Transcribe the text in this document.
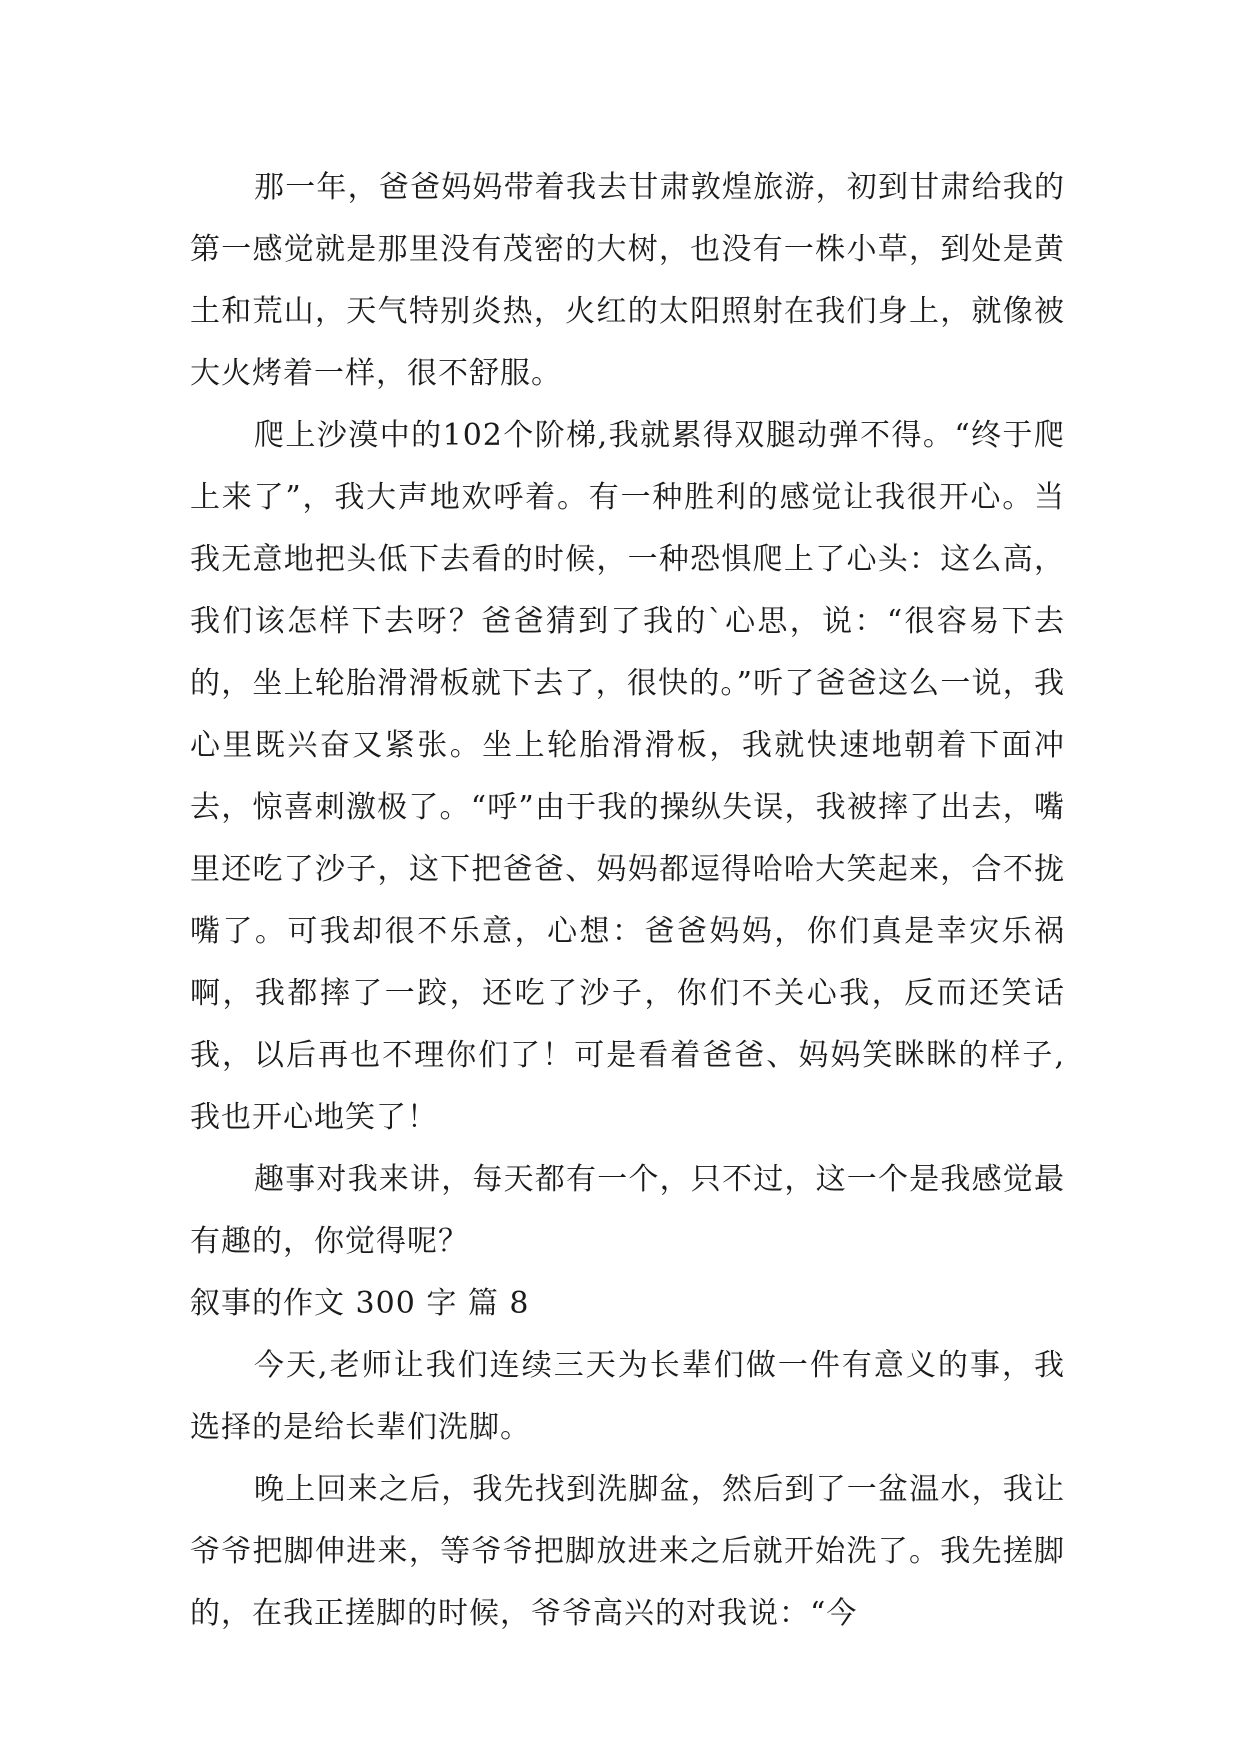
那一年，爸爸妈妈带着我去甘肃敦煌旅游，初到甘肃给我的第一感觉就是那里没有茂密的大树，也没有一株小草，到处是黄土和荒山，天气特别炎热，火红的太阳照射在我们身上，就像被大火烤着一样，很不舒服。

爬上沙漠中的102个阶梯,我就累得双腿动弹不得。“终于爬上来了”，我大声地欢呼着。有一种胜利的感觉让我很开心。当我无意地把头低下去看的时候，一种恐惧爬上了心头：这么高，我们该怎样下去呀？爸爸猜到了我的`心思，说：“很容易下去的，坐上轮胎滑滑板就下去了，很快的。”听了爸爸这么一说，我心里既兴奋又紧张。坐上轮胎滑滑板，我就快速地朝着下面冲去，惊喜刺激极了。“呼”由于我的操纵失误，我被摔了出去，嘴里还吃了沙子，这下把爸爸、妈妈都逗得哈哈大笑起来，合不拢嘴了。可我却很不乐意，心想：爸爸妈妈，你们真是幸灾乐祸啊，我都摔了一跤，还吃了沙子，你们不关心我，反而还笑话我，以后再也不理你们了！可是看着爸爸、妈妈笑眯眯的样子,我也开心地笑了！

趣事对我来讲，每天都有一个，只不过，这一个是我感觉最有趣的，你觉得呢？

叙事的作文 300 字 篇 8

今天,老师让我们连续三天为长辈们做一件有意义的事，我选择的是给长辈们洗脚。

晚上回来之后，我先找到洗脚盆，然后到了一盆温水，我让爷爷把脚伸进来，等爷爷把脚放进来之后就开始洗了。我先搓脚的，在我正搓脚的时候，爷爷高兴的对我说：“今
